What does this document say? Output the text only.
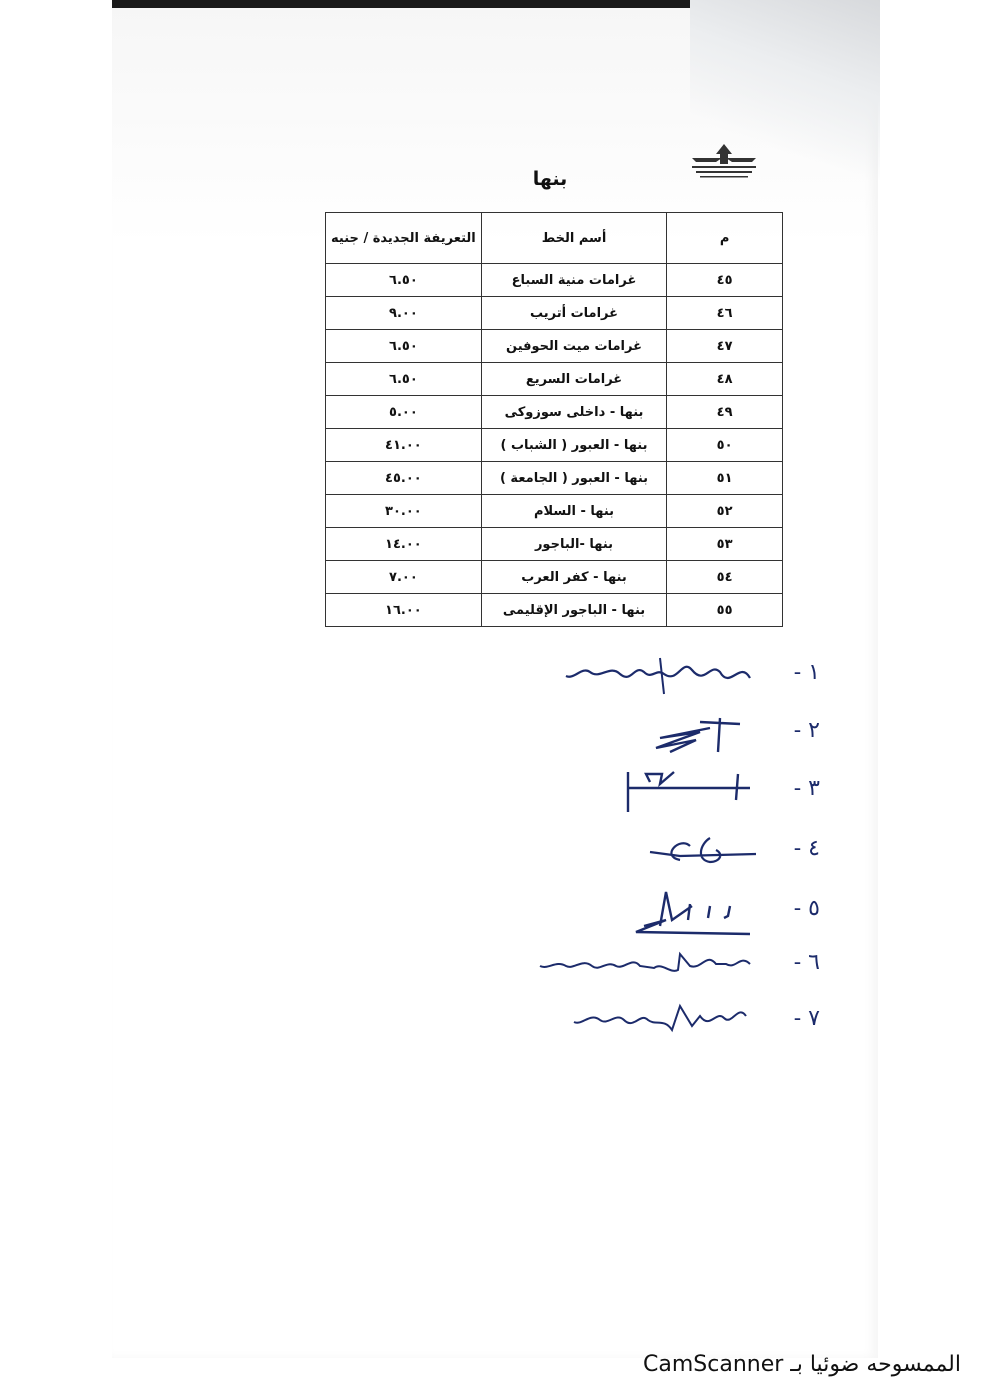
بنها
م	أسم الخط	التعريفة الجديدة / جنيه
٤٥	غرامات منية السباع	٦.٥٠
٤٦	غرامات أتريب	٩.٠٠
٤٧	غرامات ميت الحوفين	٦.٥٠
٤٨	غرامات السريع	٦.٥٠
٤٩	بنها - داخلى سوزوكى	٥.٠٠
٥٠	بنها - العبور ( الشباب )	٤١.٠٠
٥١	بنها - العبور ( الجامعة )	٤٥.٠٠
٥٢	بنها - السلام	٣٠.٠٠
٥٣	بنها -الباجور	١٤.٠٠
٥٤	بنها - كفر العرب	٧.٠٠
٥٥	بنها - الباجور الإقليمى	١٦.٠٠
١ -
٢ -
٣ -
٤ -
٥ -
٦ -
٧ -
الممسوحه ضوئيا بـ CamScanner
